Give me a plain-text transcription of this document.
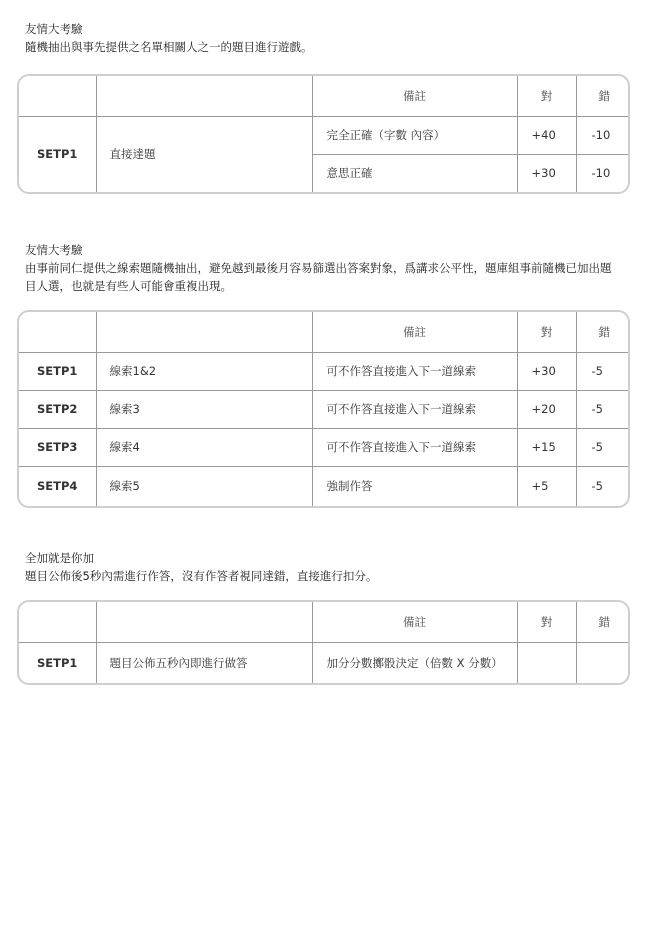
友情大考驗

隨機抽出與事先提供之名單相關人之一的題目進行遊戲。

		備註	對	錯
SETP1	直接達題	完全正確（字數 內容）	+40	-10
		意思正確	+30	-10

友情大考驗

由事前同仁提供之線索題隨機抽出，避免越到最後月容易篩選出答案對象，爲講求公平性，題庫組事前隨機已加出題目人選，也就是有些人可能會重複出現。

		備註	對	錯
SETP1	線索1&2	可不作答直接進入下一道線索	+30	-5
SETP2	線索3	可不作答直接進入下一道線索	+20	-5
SETP3	線索4	可不作答直接進入下一道線索	+15	-5
SETP4	線索5	強制作答	+5	-5

全加就是你加

題目公佈後5秒內需進行作答，沒有作答者視同達錯，直接進行扣分。

		備註	對	錯
SETP1	題目公佈五秒內即進行做答	加分分數擲骰決定（倍數 X 分數）		
